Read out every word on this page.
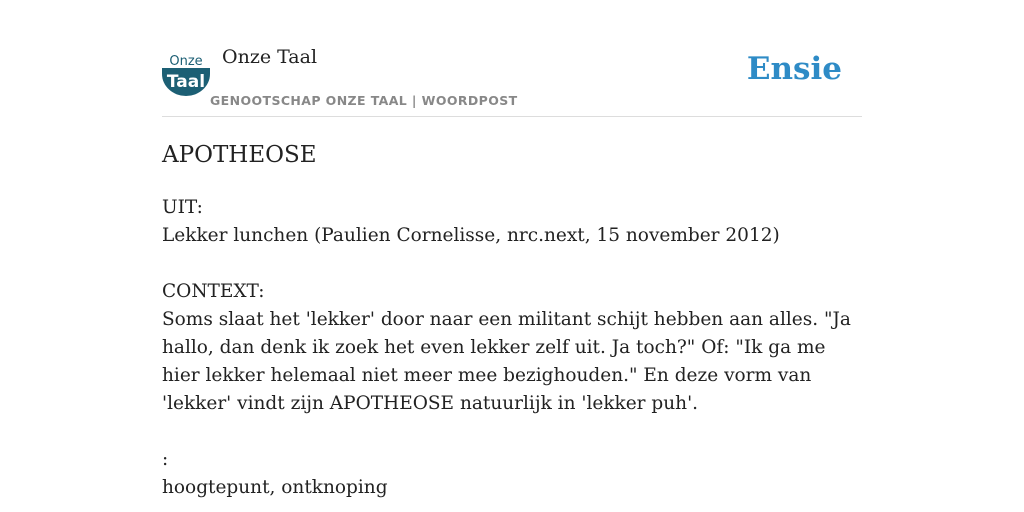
Onze
Taal
Onze Taal
GENOOTSCHAP ONZE TAAL | WOORDPOST
Ensie
APOTHEOSE
UIT:
Lekker lunchen (Paulien Cornelisse, nrc.next, 15 november 2012)

CONTEXT:
Soms slaat het 'lekker' door naar een militant schijt hebben aan alles. "Ja hallo, dan denk ik zoek het even lekker zelf uit. Ja toch?" Of: "Ik ga me hier lekker helemaal niet meer mee bezighouden." En deze vorm van 'lekker' vindt zijn APOTHEOSE natuurlijk in 'lekker puh'.

:
hoogtepunt, ontknoping
